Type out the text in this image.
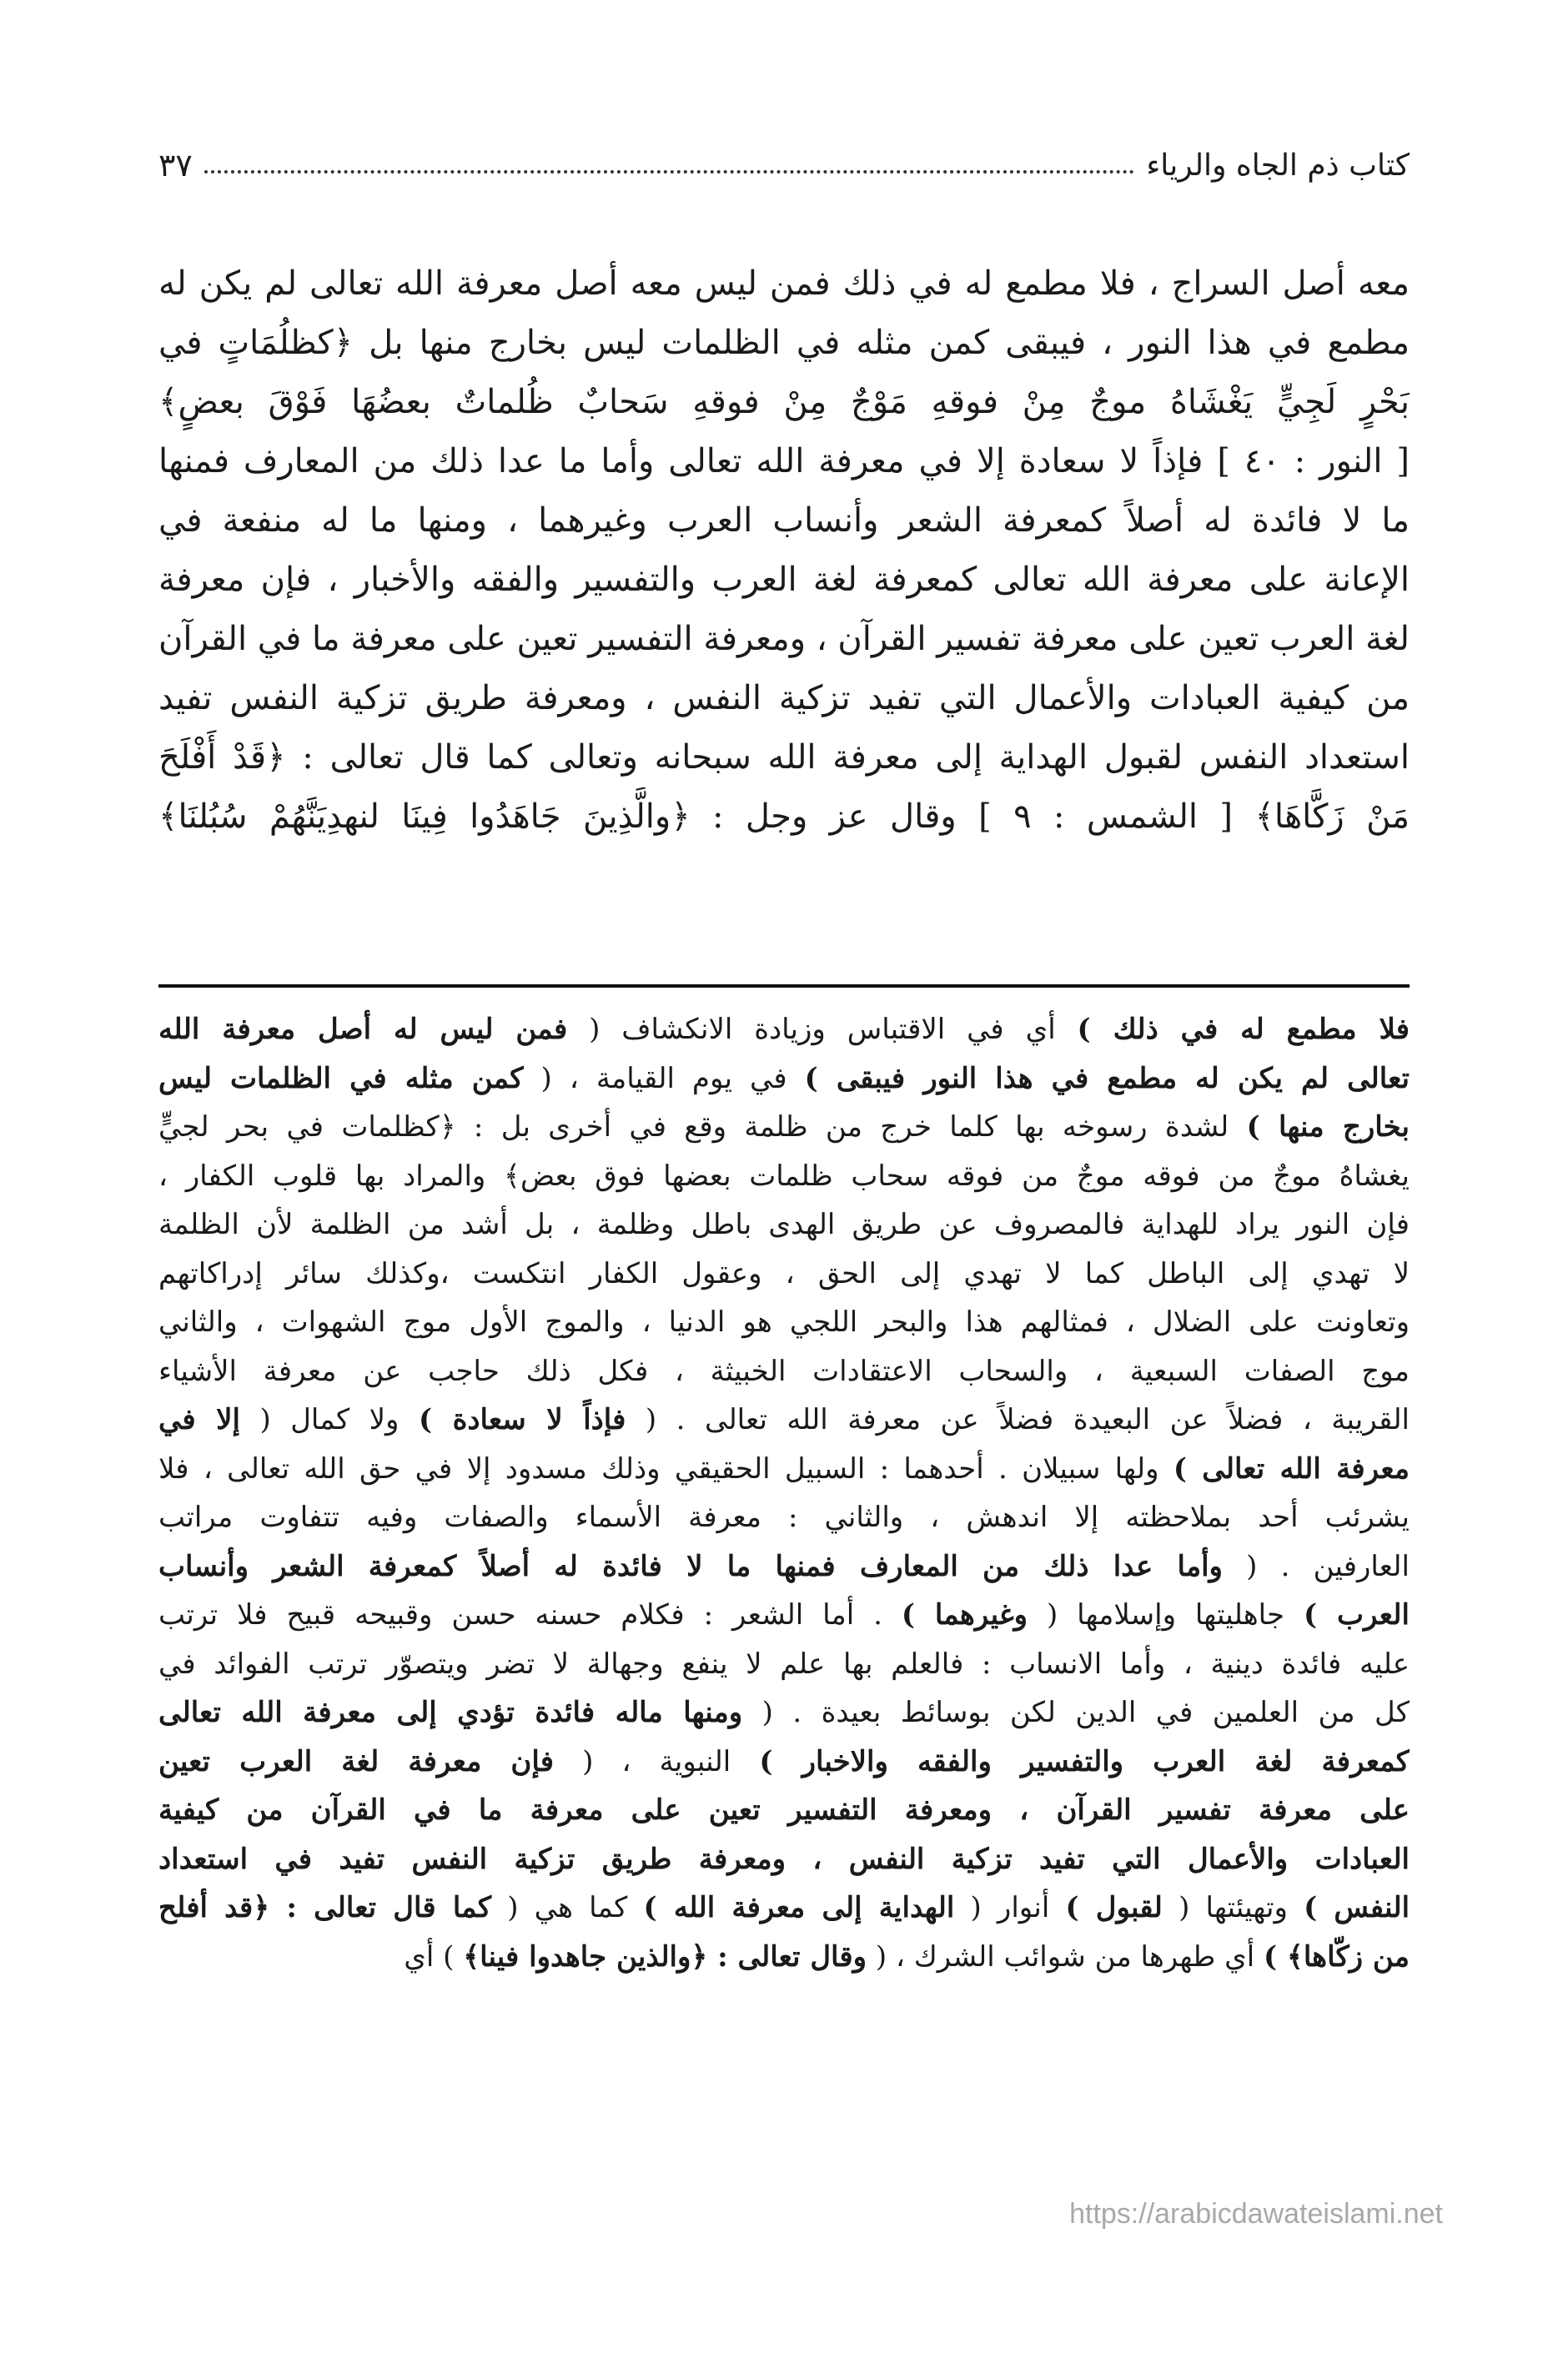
كتاب ذم الجاه والرياء
٣٧
معه أصل السراج ، فلا مطمع له في ذلك فمن ليس معه أصل معرفة الله تعالى لم يكن له
مطمع في هذا النور ، فيبقى كمن مثله في الظلمات ليس بخارج منها بل ﴿كظلُمَاتٍ في
بَحْرٍ لَجِيٍّ يَغْشَاهُ موجٌ مِنْ فوقهِ مَوْجٌ مِنْ فوقهِ سَحابٌ ظُلماتٌ بعضُهَا فَوْقَ بعضٍ﴾
[ النور : ٤٠ ] فإذاً لا سعادة إلا في معرفة الله تعالى وأما ما عدا ذلك من المعارف فمنها
ما لا فائدة له أصلاً كمعرفة الشعر وأنساب العرب وغيرهما ، ومنها ما له منفعة في
الإعانة على معرفة الله تعالى كمعرفة لغة العرب والتفسير والفقه والأخبار ، فإن معرفة
لغة العرب تعين على معرفة تفسير القرآن ، ومعرفة التفسير تعين على معرفة ما في القرآن
من كيفية العبادات والأعمال التي تفيد تزكية النفس ، ومعرفة طريق تزكية النفس تفيد
استعداد النفس لقبول الهداية إلى معرفة الله سبحانه وتعالى كما قال تعالى : ﴿قَدْ أَفْلَحَ
مَنْ زَكَّاهَا﴾ [ الشمس : ٩ ] وقال عز وجل : ﴿والَّذِينَ جَاهَدُوا فِينَا لنهدِيَنَّهُمْ سُبُلنَا﴾
فلا مطمع له في ذلك ) أي في الاقتباس وزيادة الانكشاف ( فمن ليس له أصل معرفة الله
تعالى لم يكن له مطمع في هذا النور فيبقى ) في يوم القيامة ، ( كمن مثله في الظلمات ليس
بخارج منها ) لشدة رسوخه بها كلما خرج من ظلمة وقع في أخرى بل : ﴿كظلمات في بحر لجيٍّ
يغشاهُ موجٌ من فوقه موجٌ من فوقه سحاب ظلمات بعضها فوق بعض﴾ والمراد بها قلوب الكفار ،
فإن النور يراد للهداية فالمصروف عن طريق الهدى باطل وظلمة ، بل أشد من الظلمة لأن الظلمة
لا تهدي إلى الباطل كما لا تهدي إلى الحق ، وعقول الكفار انتكست ،وكذلك سائر إدراكاتهم
وتعاونت على الضلال ، فمثالهم هذا والبحر اللجي هو الدنيا ، والموج الأول موج الشهوات ، والثاني
موج الصفات السبعية ، والسحاب الاعتقادات الخبيثة ، فكل ذلك حاجب عن معرفة الأشياء
القريبة ، فضلاً عن البعيدة فضلاً عن معرفة الله تعالى . ( فإذاً لا سعادة ) ولا كمال ( إلا في
معرفة الله تعالى ) ولها سبيلان . أحدهما : السبيل الحقيقي وذلك مسدود إلا في حق الله تعالى ، فلا
يشرئب أحد بملاحظته إلا اندهش ، والثاني : معرفة الأسماء والصفات وفيه تتفاوت مراتب
العارفين . ( وأما عدا ذلك من المعارف فمنها ما لا فائدة له أصلاً كمعرفة الشعر وأنساب
العرب ) جاهليتها وإسلامها ( وغيرهما ) . أما الشعر : فكلام حسنه حسن وقبيحه قبيح فلا ترتب
عليه فائدة دينية ، وأما الانساب : فالعلم بها علم لا ينفع وجهالة لا تضر ويتصوّر ترتب الفوائد في
كل من العلمين في الدين لكن بوسائط بعيدة . ( ومنها ماله فائدة تؤدي إلى معرفة الله تعالى
كمعرفة لغة العرب والتفسير والفقه والاخبار ) النبوية ، ( فإن معرفة لغة العرب تعين
على معرفة تفسير القرآن ، ومعرفة التفسير تعين على معرفة ما في القرآن من كيفية
العبادات والأعمال التي تفيد تزكية النفس ، ومعرفة طريق تزكية النفس تفيد في استعداد
النفس ) وتهيئتها ( لقبول ) أنوار ( الهداية إلى معرفة الله ) كما هي ( كما قال تعالى : ﴿قد أفلح
من زكّاها﴾ ) أي طهرها من شوائب الشرك ، ( وقال تعالى : ﴿والذين جاهدوا فينا﴾ ) أي
https://arabicdawateislami.net
